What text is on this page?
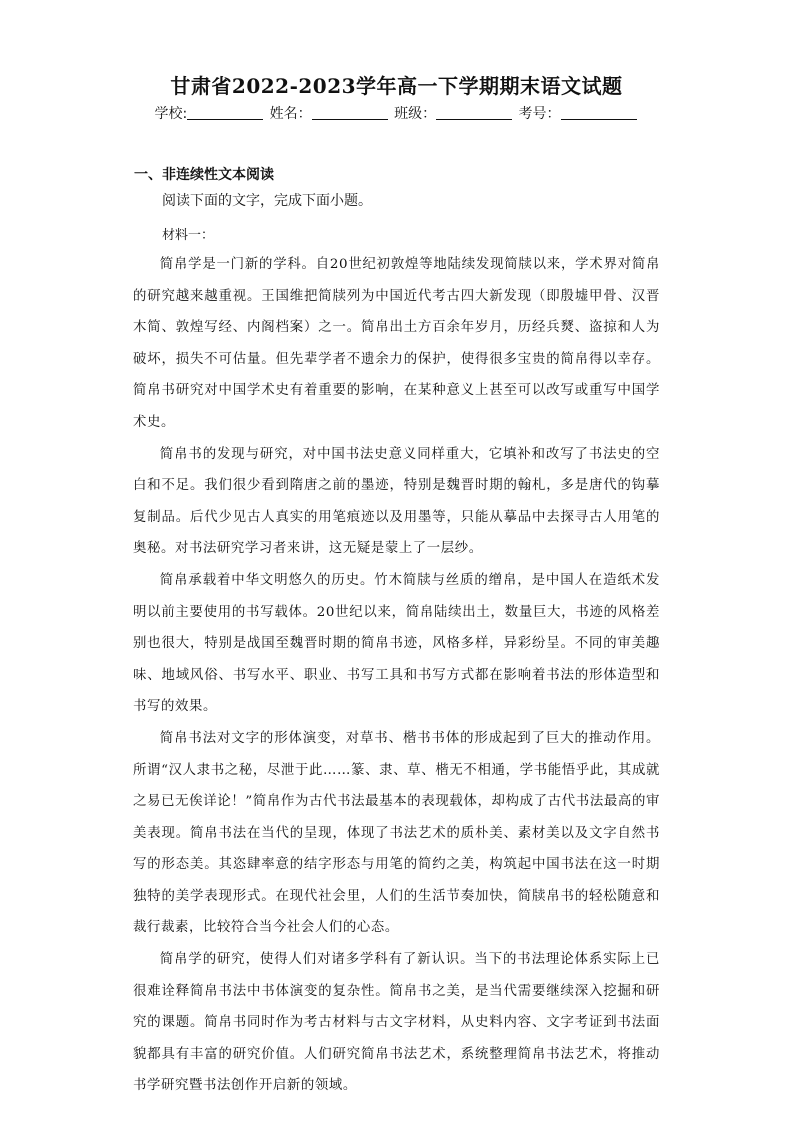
甘肃省2022-2023学年高一下学期期末语文试题
学校:	姓名：	班级：	考号：
一、非连续性文本阅读
阅读下面的文字，完成下面小题。
材料一：

简帛学是一门新的学科。自20世纪初敦煌等地陆续发现简牍以来，学术界对简帛的研究越来越重视。王国维把简牍列为中国近代考古四大新发现（即殷墟甲骨、汉晋木简、敦煌写经、内阁档案）之一。简帛出土方百余年岁月，历经兵燹、盗掠和人为破坏，损失不可估量。但先辈学者不遗余力的保护，使得很多宝贵的简帛得以幸存。简帛书研究对中国学术史有着重要的影响，在某种意义上甚至可以改写或重写中国学术史。

简帛书的发现与研究，对中国书法史意义同样重大，它填补和改写了书法史的空白和不足。我们很少看到隋唐之前的墨迹，特别是魏晋时期的翰札，多是唐代的钩摹复制品。后代少见古人真实的用笔痕迹以及用墨等，只能从摹品中去探寻古人用笔的奥秘。对书法研究学习者来讲，这无疑是蒙上了一层纱。

简帛承载着中华文明悠久的历史。竹木简牍与丝质的缯帛，是中国人在造纸术发明以前主要使用的书写载体。20世纪以来，简帛陆续出土，数量巨大，书迹的风格差别也很大，特别是战国至魏晋时期的简帛书迹，风格多样，异彩纷呈。不同的审美趣味、地域风俗、书写水平、职业、书写工具和书写方式都在影响着书法的形体造型和书写的效果。

简帛书法对文字的形体演变，对草书、楷书书体的形成起到了巨大的推动作用。所谓“汉人隶书之秘，尽泄于此……篆、隶、草、楷无不相通，学书能悟乎此，其成就之易已无俟详论！”简帛作为古代书法最基本的表现载体，却构成了古代书法最高的审美表现。简帛书法在当代的呈现，体现了书法艺术的质朴美、素材美以及文字自然书写的形态美。其恣肆率意的结字形态与用笔的简约之美，构筑起中国书法在这一时期独特的美学表现形式。在现代社会里，人们的生活节奏加快，简牍帛书的轻松随意和裁行裁素，比较符合当今社会人们的心态。

简帛学的研究，使得人们对诸多学科有了新认识。当下的书法理论体系实际上已很难诠释简帛书法中书体演变的复杂性。简帛书之美，是当代需要继续深入挖掘和研究的课题。简帛书同时作为考古材料与古文字材料，从史料内容、文字考证到书法面貌都具有丰富的研究价值。人们研究简帛书法艺术，系统整理简帛书法艺术，将推动书学研究暨书法创作开启新的领域。
